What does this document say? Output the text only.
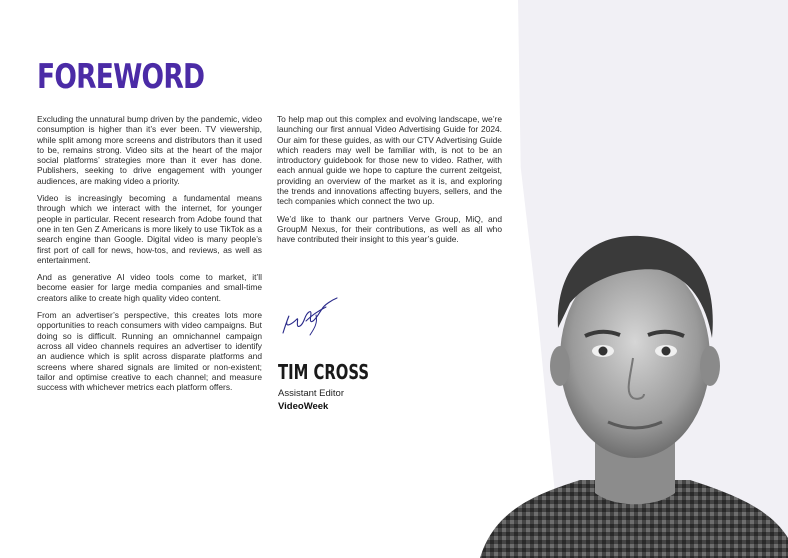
FOREWORD

Excluding the unnatural bump driven by the pandemic, video consumption is higher than it’s ever been. TV viewership, while split among more screens and distributors than it used to be, remains strong. Video sits at the heart of the major social platforms’ strategies more than it ever has done. Publishers, seeking to drive engagement with younger audiences, are making video a priority.

Video is increasingly becoming a fundamental means through which we interact with the internet, for younger people in particular. Recent research from Adobe found that one in ten Gen Z Americans is more likely to use TikTok as a search engine than Google. Digital video is many people’s first port of call for news, how-tos, and reviews, as well as entertainment.

And as generative AI video tools come to market, it’ll become easier for large media companies and small-time creators alike to create high quality video content.

From an advertiser’s perspective, this creates lots more opportunities to reach consumers with video campaigns. But doing so is difficult. Running an omnichannel campaign across all video channels requires an advertiser to identify an audience which is split across disparate platforms and screens where shared signals are limited or non-existent; tailor and optimise creative to each channel; and measure success with whichever metrics each platform offers.

To help map out this complex and evolving landscape, we’re launching our first annual Video Advertising Guide for 2024. Our aim for these guides, as with our CTV Advertising Guide which readers may well be familiar with, is not to be an introductory guidebook for those new to video. Rather, with each annual guide we hope to capture the current zeitgeist, providing an overview of the market as it is, and exploring the trends and innovations affecting buyers, sellers, and the tech companies which connect the two up.

We’d like to thank our partners Verve Group, MiQ, and GroupM Nexus, for their contributions, as well as all who have contributed their insight to this year’s guide.

TIM CROSS
Assistant Editor
VideoWeek
